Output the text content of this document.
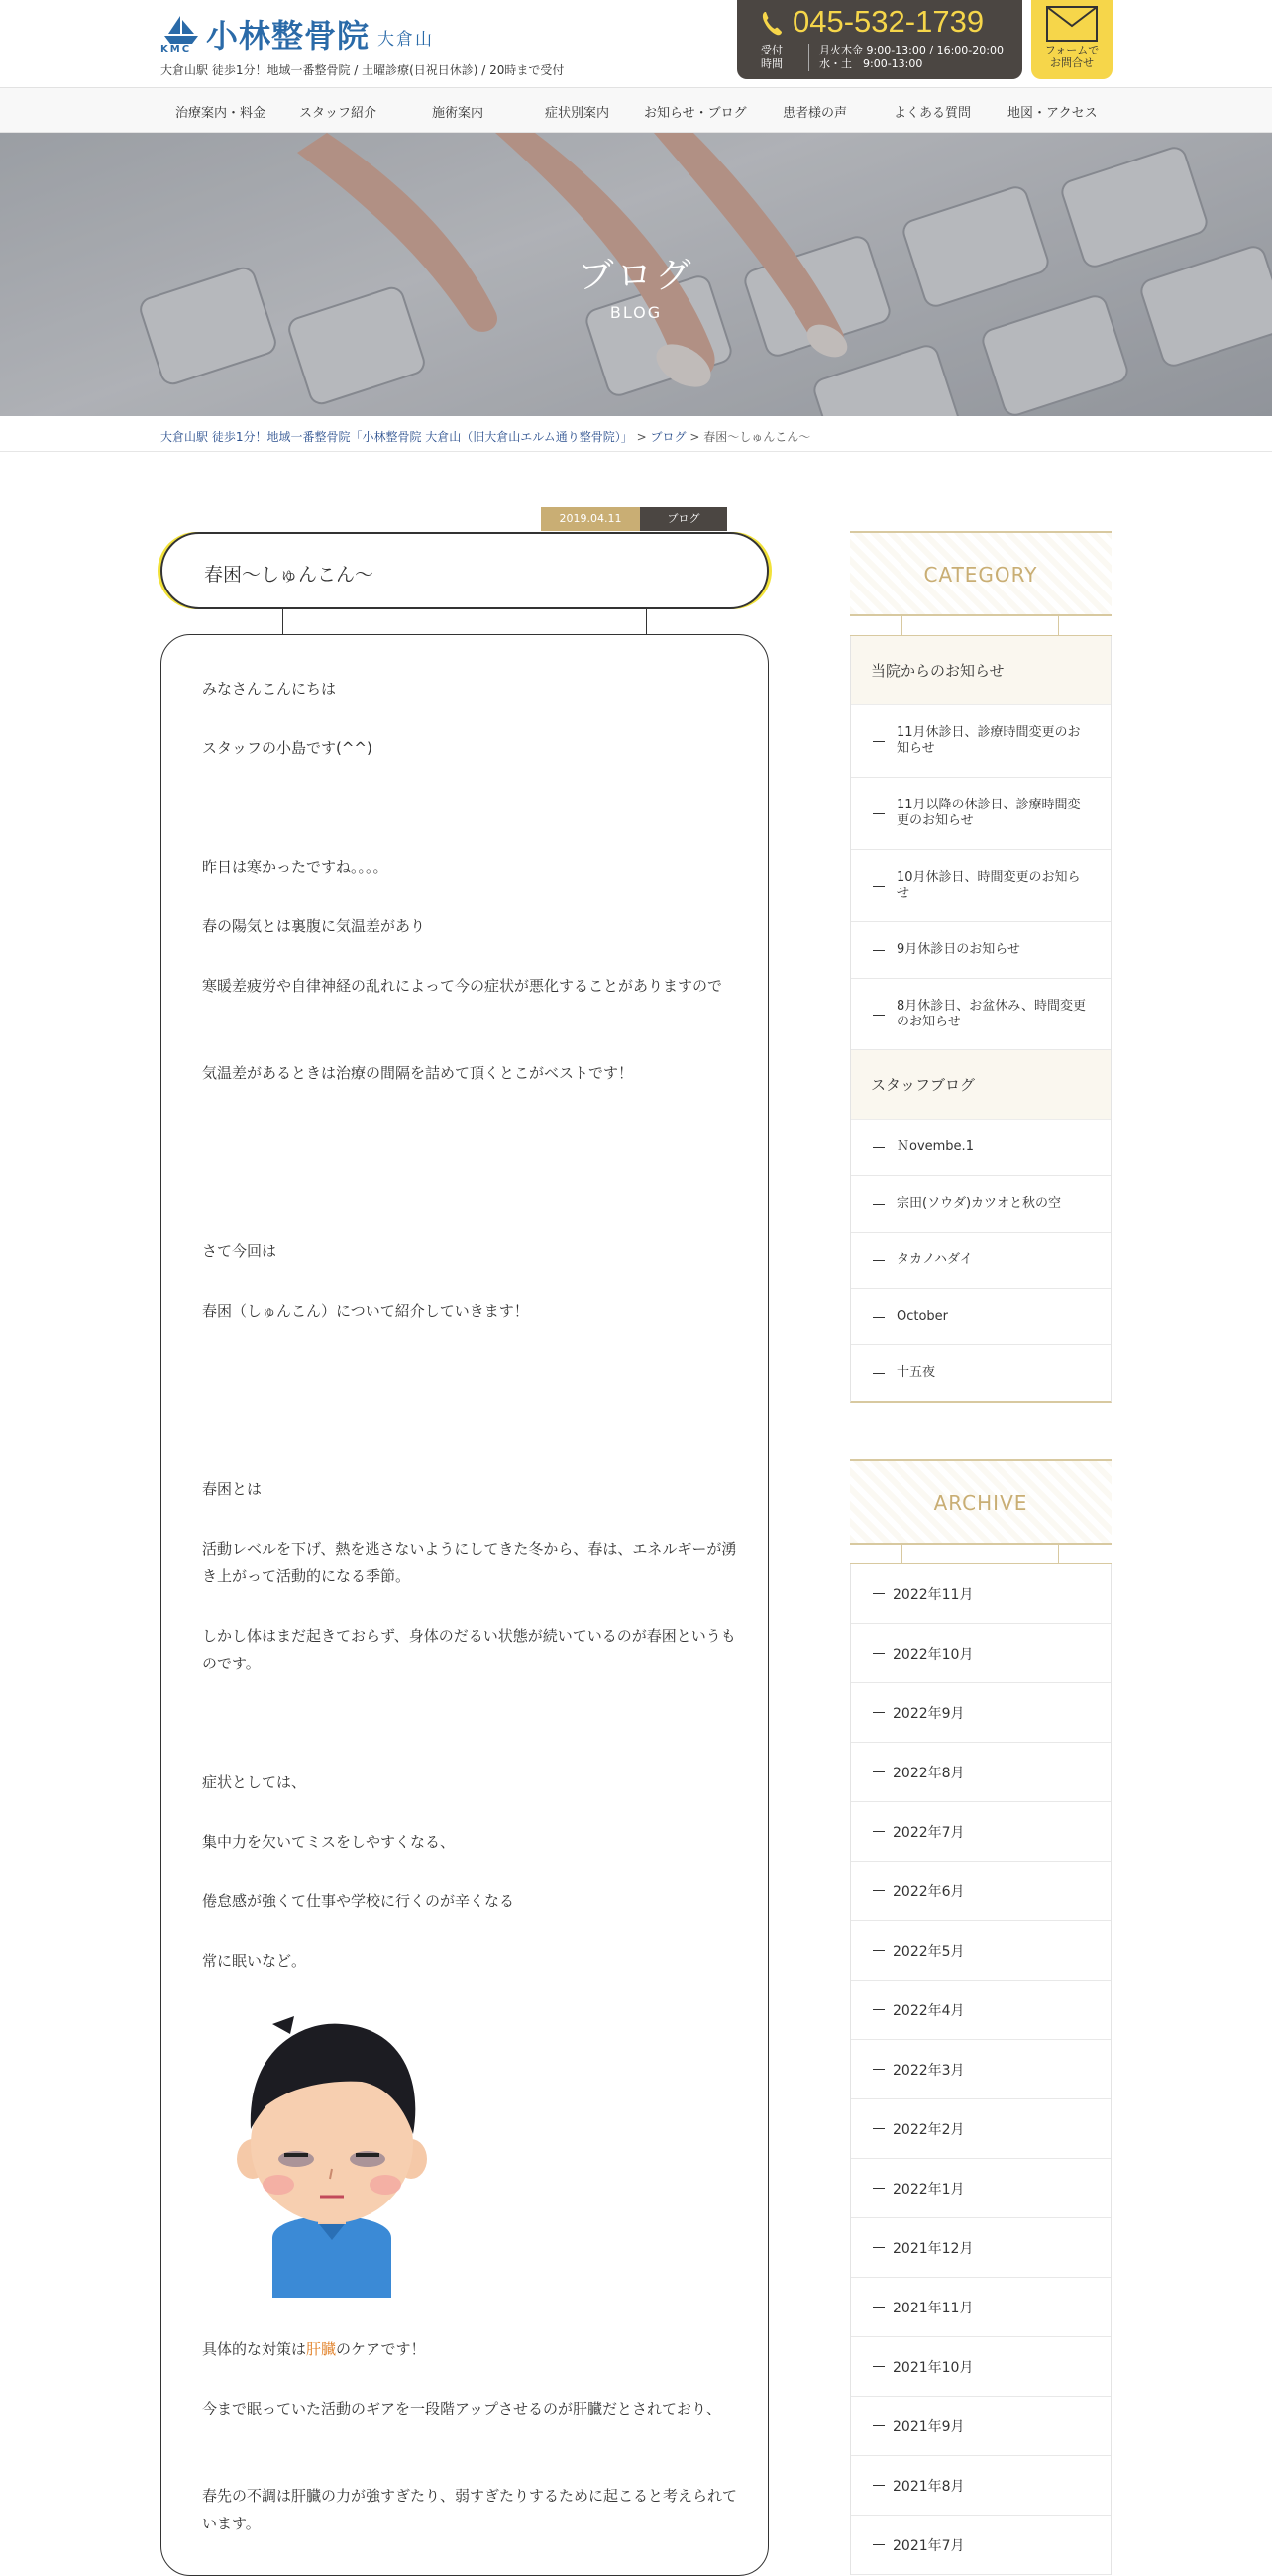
KMC 小林整骨院 大倉山
大倉山駅 徒歩1分！地域一番整骨院 / 土曜診療(日祝日休診) / 20時まで受付
045-532-1739
受付時間
月火木金 9:00-13:00 / 16:00-20:00
水・土　9:00-13:00
フォームで
お問合せ
治療案内・料金	スタッフ紹介	施術案内	症状別案内	お知らせ・ブログ	患者様の声	よくある質問	地図・アクセス
ブログ
BLOG
大倉山駅 徒歩1分！地域一番整骨院「小林整骨院 大倉山（旧大倉山エルム通り整骨院）」 > ブログ > 春困～しゅんこん～
2019.04.11	ブログ
春困～しゅんこん～
みなさんこんにちは
スタッフの小島です(^^)
昨日は寒かったですね。。。。
春の陽気とは裏腹に気温差があり
寒暖差疲労や自律神経の乱れによって今の症状が悪化することがありますので
気温差があるときは治療の間隔を詰めて頂くとこがベストです！
さて今回は
春困（しゅんこん）について紹介していきます！
春困とは
活動レベルを下げ、熱を逃さないようにしてきた冬から、春は、エネルギーが湧き上がって活動的になる季節。
しかし体はまだ起きておらず、身体のだるい状態が続いているのが春困というものです。
症状としては、
集中力を欠いてミスをしやすくなる、
倦怠感が強くて仕事や学校に行くのが辛くなる
常に眠いなど。
具体的な対策は肝臓のケアです！
今まで眠っていた活動のギアを一段階アップさせるのが肝臓だとされており、
春先の不調は肝臓の力が強すぎたり、弱すぎたりするために起こると考えられています。
CATEGORY
当院からのお知らせ
11月休診日、診療時間変更のお知らせ
11月以降の休診日、診療時間変更のお知らせ
10月休診日、時間変更のお知らせ
9月休診日のお知らせ
8月休診日、お盆休み、時間変更のお知らせ
スタッフブログ
Ｎovembe.1
宗田(ソウダ)カツオと秋の空
タカノハダイ
October
十五夜
ARCHIVE
2022年11月
2022年10月
2022年9月
2022年8月
2022年7月
2022年6月
2022年5月
2022年4月
2022年3月
2022年2月
2022年1月
2021年12月
2021年11月
2021年10月
2021年9月
2021年8月
2021年7月
